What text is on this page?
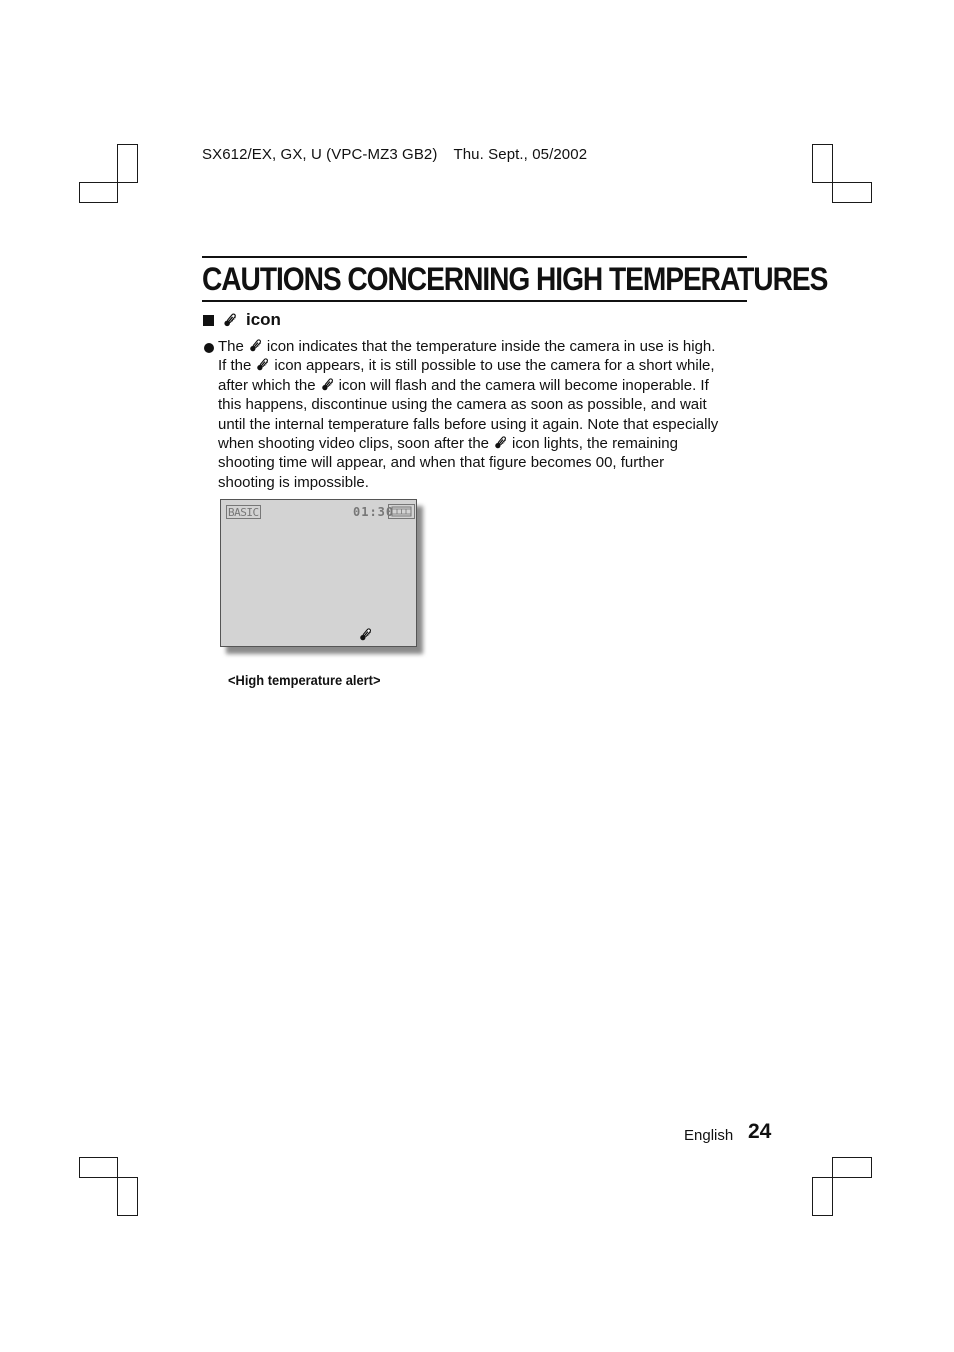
SX612/EX, GX, U (VPC-MZ3 GB2) Thu. Sept., 05/2002
CAUTIONS CONCERNING HIGH TEMPERATURES
icon
The icon indicates that the temperature inside the camera in use is high.
If the icon appears, it is still possible to use the camera for a short while,
after which the icon will flash and the camera will become inoperable. If
this happens, discontinue using the camera as soon as possible, and wait
until the internal temperature falls before using it again. Note that especially
when shooting video clips, soon after the icon lights, the remaining
shooting time will appear, and when that figure becomes 00, further
shooting is impossible.
BASIC	01:30
<High temperature alert>
English 24
